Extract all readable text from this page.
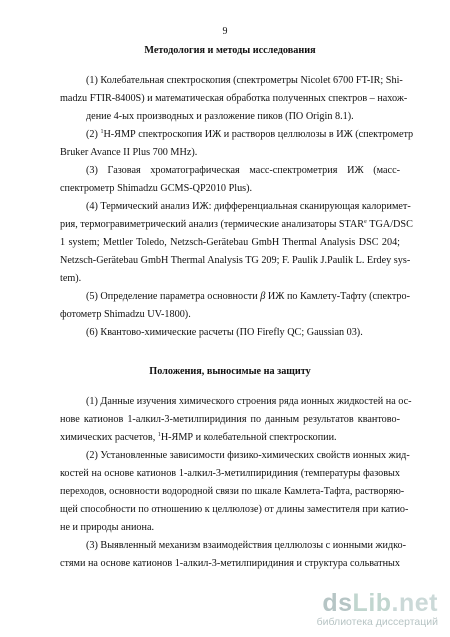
9
Методология и методы исследования
(1) Колебательная спектроскопия (спектрометры Nicolet 6700 FT-IR; Shi-
madzu FTIR-8400S) и математическая обработка полученных спектров – нахож-
дение 4-ых производных и разложение пиков (ПО Origin 8.1).
(2) $^1$Н-ЯМР спектроскопия ИЖ и растворов целлюлозы в ИЖ (спектрометр
Bruker Avance II Plus 700 MHz).
(3) Газовая хроматографическая масс-спектрометрия ИЖ (масс-
спектрометр Shimadzu GCMS-QP2010 Plus).
(4) Термический анализ ИЖ: дифференциальная сканирующая калоримет-
рия, термогравиметрический анализ (термические анализаторы $STAR^е$ TGA/DSC
1 system; Mettler Toledo, Netzsch-Gerätebau GmbH Thermal Analysis DSC 204;
Netzsch-Gerätebau GmbH Thermal Analysis TG 209; F. Paulik J.Paulik L. Erdey sys-
tem).
(5) Определение параметра основности β ИЖ по Камлету-Тафту (спектро-
фотометр Shimadzu UV-1800).
(6) Квантово-химические расчеты (ПО Firefly QC; Gaussian 03).
Положения, выносимые на защиту
(1) Данные изучения химического строения ряда ионных жидкостей на ос-
нове катионов 1-алкил-3-метилпиридиния по данным результатов квантово-
химических расчетов, $^1$Н-ЯМР и колебательной спектроскопии.
(2) Установленные зависимости физико-химических свойств ионных жид-
костей на основе катионов 1-алкил-3-метилпиридиния (температуры фазовых
переходов, основности водородной связи по шкале Камлета-Тафта, растворяю-
щей способности по отношению к целлюлозе) от длины заместителя при катио-
не и природы аниона.
(3) Выявленный механизм взаимодействия целлюлозы с ионными жидко-
стями на основе катионов 1-алкил-3-метилпиридиния и структура сольватных
dsLib.net
библиотека диссертаций
